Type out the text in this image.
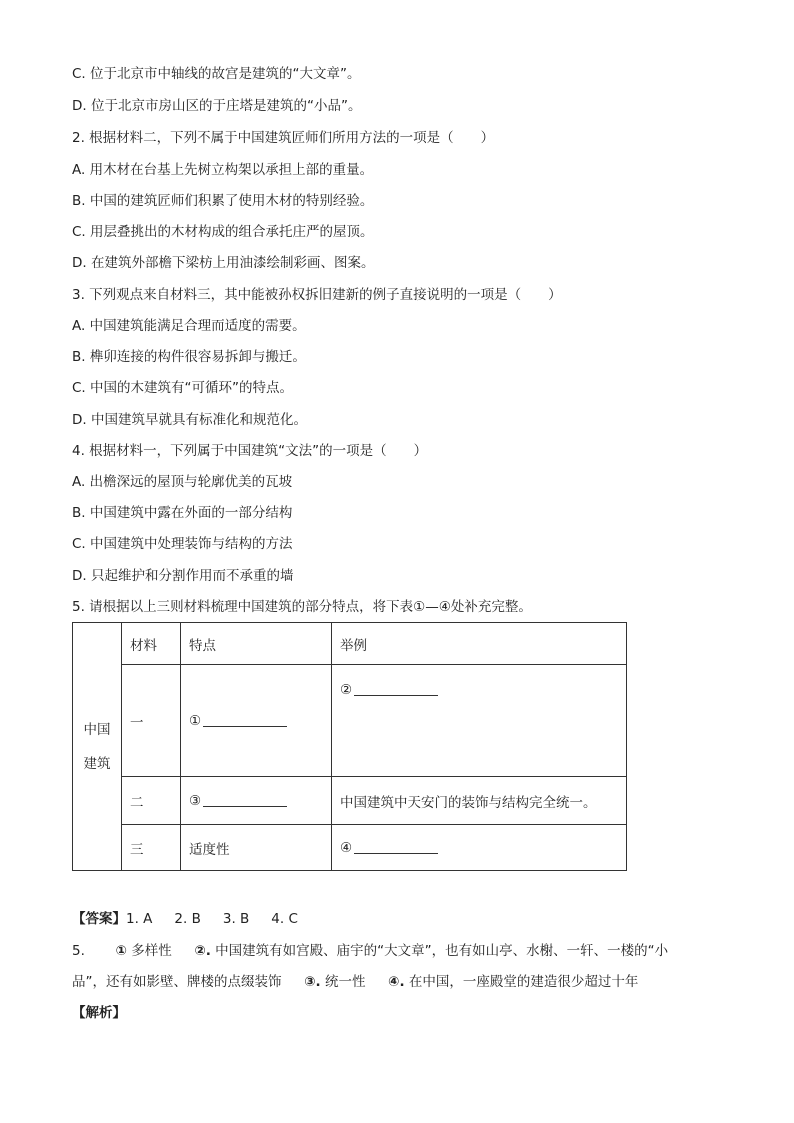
C. 位于北京市中轴线的故宫是建筑的“大文章”。
D. 位于北京市房山区的于庄塔是建筑的“小品”。
2. 根据材料二，下列不属于中国建筑匠师们所用方法的一项是（　　）
A. 用木材在台基上先树立构架以承担上部的重量。
B. 中国的建筑匠师们积累了使用木材的特别经验。
C. 用层叠挑出的木材构成的组合承托庄严的屋顶。
D. 在建筑外部檐下梁枋上用油漆绘制彩画、图案。
3. 下列观点来自材料三，其中能被孙权拆旧建新的例子直接说明的一项是（　　）
A. 中国建筑能满足合理而适度的需要。
B. 榫卯连接的构件很容易拆卸与搬迁。
C. 中国的木建筑有“可循环”的特点。
D. 中国建筑早就具有标准化和规范化。
4. 根据材料一，下列属于中国建筑“文法”的一项是（　　）
A. 出檐深远的屋顶与轮廓优美的瓦坡
B. 中国建筑中露在外面的一部分结构
C. 中国建筑中处理装饰与结构的方法
D. 只起维护和分割作用而不承重的墙
5. 请根据以上三则材料梳理中国建筑的部分特点，将下表①—④处补充完整。
中国
建筑	材料	特点	举例
	一	①	②
	二	③	中国建筑中天安门的装饰与结构完全统一。
	三	适度性	④
【答案】1. A 2. B 3. B 4. C
5. ① 多样性 ②. 中国建筑有如宫殿、庙宇的“大文章”，也有如山亭、水榭、一轩、一楼的“小
品”，还有如影壁、牌楼的点缀装饰 ③. 统一性 ④. 在中国，一座殿堂的建造很少超过十年
【解析】
